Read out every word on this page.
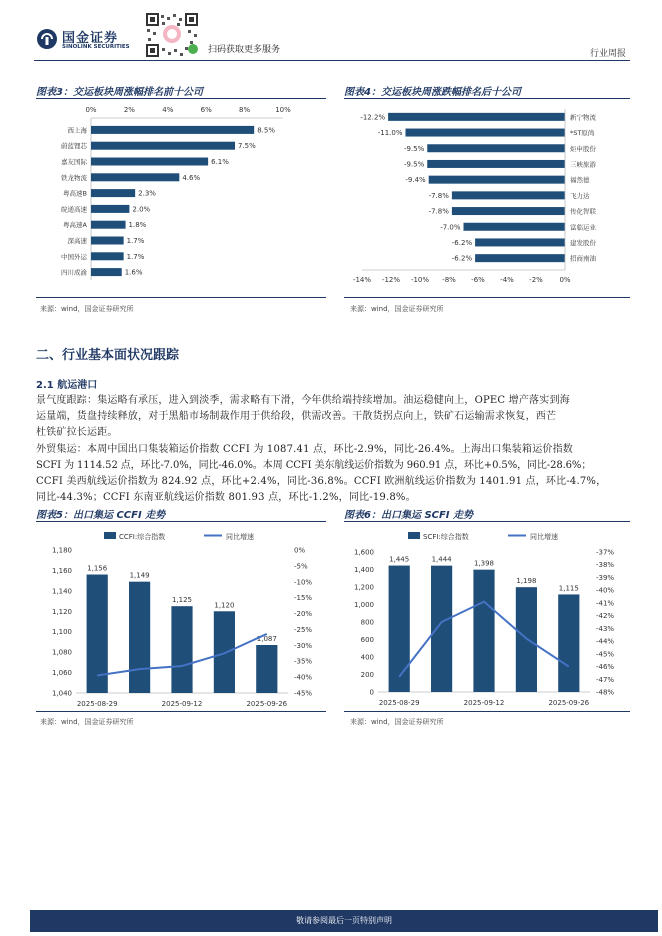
国金证券
SINOLINK SECURITIES	扫码获取更多服务	行业周报
图表3：交运板块周涨幅排名前十公司
0%	2%	4%	6%	8%	10%
西上海	8.5%
蔚蓝锂芯	7.5%
嘉友国际	6.1%
铁龙物流	4.6%
粤高速B	2.3%
皖通高速	2.0%
粤高速A	1.8%
深高速	1.7%
中国外运	1.7%
四川成渝	1.6%
来源：wind，国金证券研究所
图表4：交运板块周涨跌幅排名后十公司
-12.2%	新宁物流
-11.0%	*ST原尚
-9.5%	炬申股份
-9.5%	三峡旅游
-9.4%	福然德
-7.8%	飞力达
-7.8%	传化智联
-7.0%	富临运业
-6.2%	建发股份
-6.2%	招商南油
-14% -12% -10% -8% -6% -4% -2% 0%
来源：wind，国金证券研究所
二、行业基本面状况跟踪
2.1 航运港口
景气度跟踪：集运略有承压，进入到淡季，需求略有下滑，今年供给端持续增加。油运稳健向上，OPEC 增产落实到海
运量端，货盘持续释放，对于黑船市场制裁作用于供给段，供需改善。干散货拐点向上，铁矿石运输需求恢复，西芒
杜铁矿拉长运距。
外贸集运：本周中国出口集装箱运价指数 CCFI 为 1087.41 点，环比-2.9%，同比-26.4%。上海出口集装箱运价指数
SCFI 为 1114.52 点，环比-7.0%，同比-46.0%。本周 CCFI 美东航线运价指数为 960.91 点，环比+0.5%，同比-28.6%；
CCFI 美西航线运价指数为 824.92 点，环比+2.4%，同比-36.8%。CCFI 欧洲航线运价指数为 1401.91 点，环比-4.7%，
同比-44.3%；CCFI 东南亚航线运价指数 801.93 点，环比-1.2%，同比-19.8%。
图表5：出口集运 CCFI 走势
CCFI:综合指数	同比增速
1,040
1,060
1,080
1,100
1,120
1,140
1,160
1,180	0%
-5%
-10%
-15%
-20%
-25%
-30%
-35%
-40%
-45%
1,156
1,149
1,125
1,120
1,087
2025-08-29	2025-09-12	2025-09-26
来源：wind，国金证券研究所
图表6：出口集运 SCFI 走势
SCFI:综合指数	同比增速
0
200
400
600
800
1,000
1,200
1,400
1,600	-37%
-38%
-39%
-40%
-41%
-42%
-43%
-44%
-45%
-46%
-47%
-48%
1,445	1,444
1,398
1,198
1,115
2025-08-29	2025-09-12	2025-09-26
来源：wind，国金证券研究所
敬请参阅最后一页特别声明	5
